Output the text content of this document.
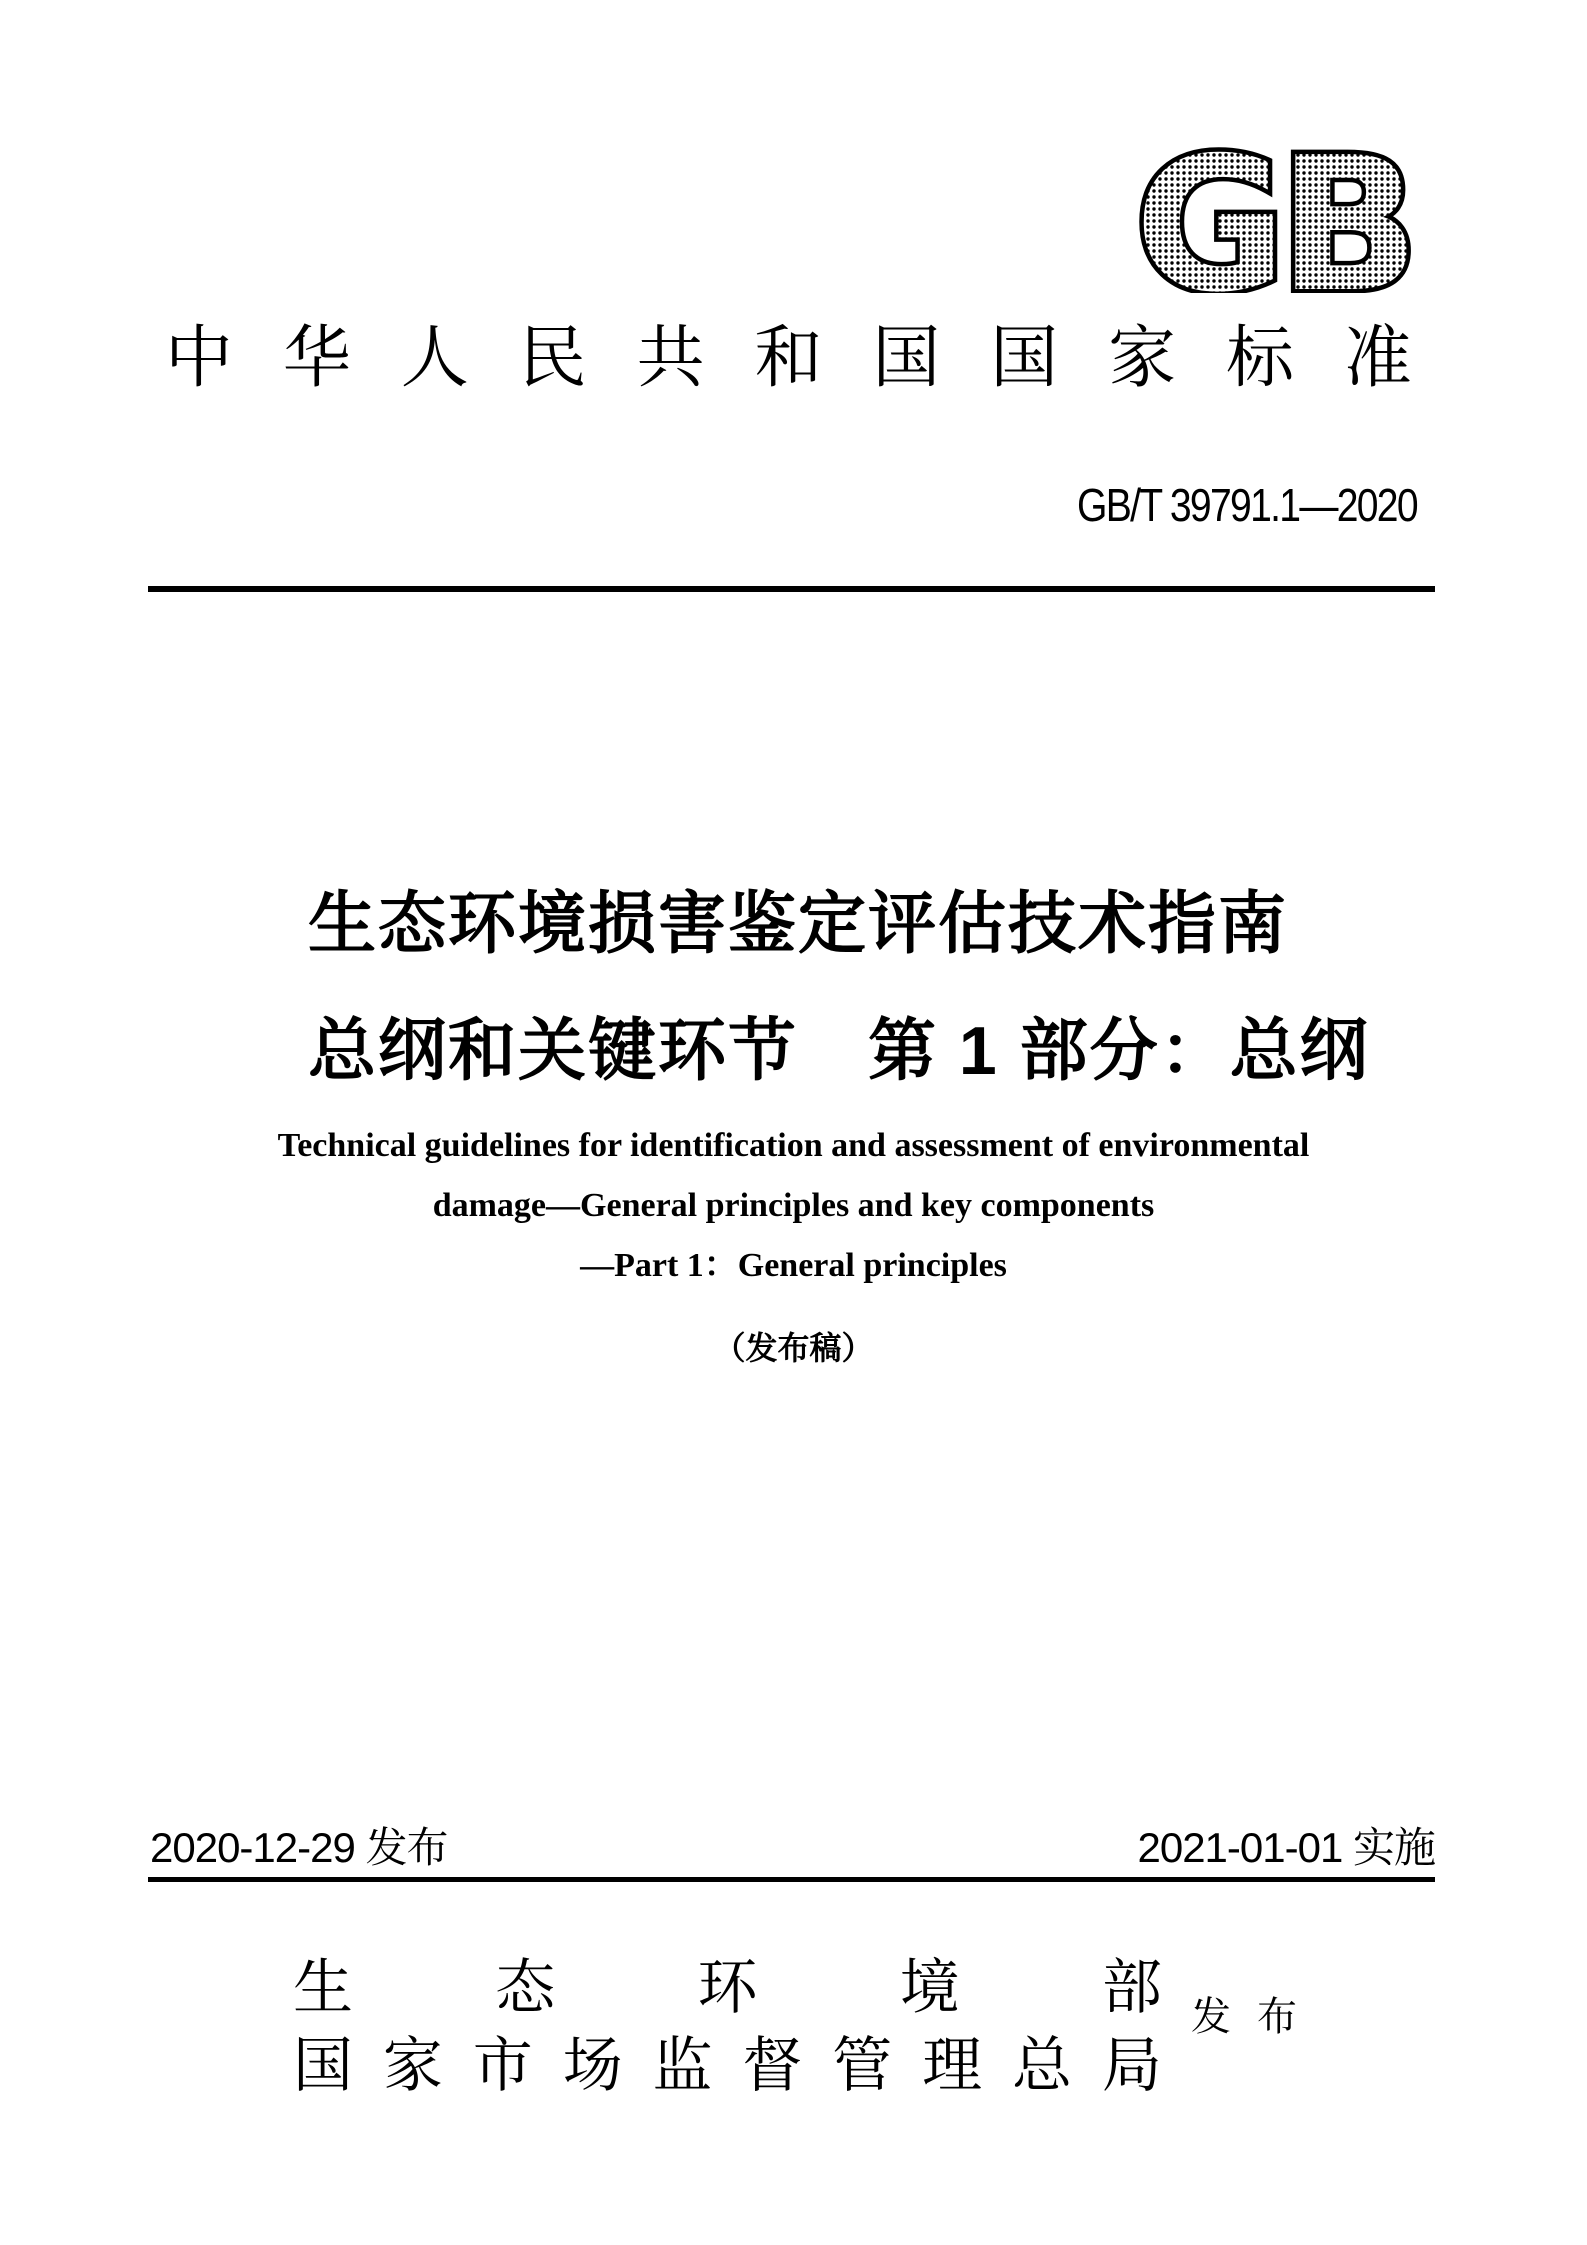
GB
中 华 人 民 共 和 国 国 家 标 准
GB/T 39791.1—2020
生态环境损害鉴定评估技术指南
总纲和关键环节　第 1 部分：总纲
Technical guidelines for identification and assessment of environmental
damage—General principles and key components
—Part 1：General principles
（发布稿）
2020-12-29 发布	2021-01-01 实施
生 态 环 境 部
国 家 市 场 监 督 管 理 总 局
发 布
